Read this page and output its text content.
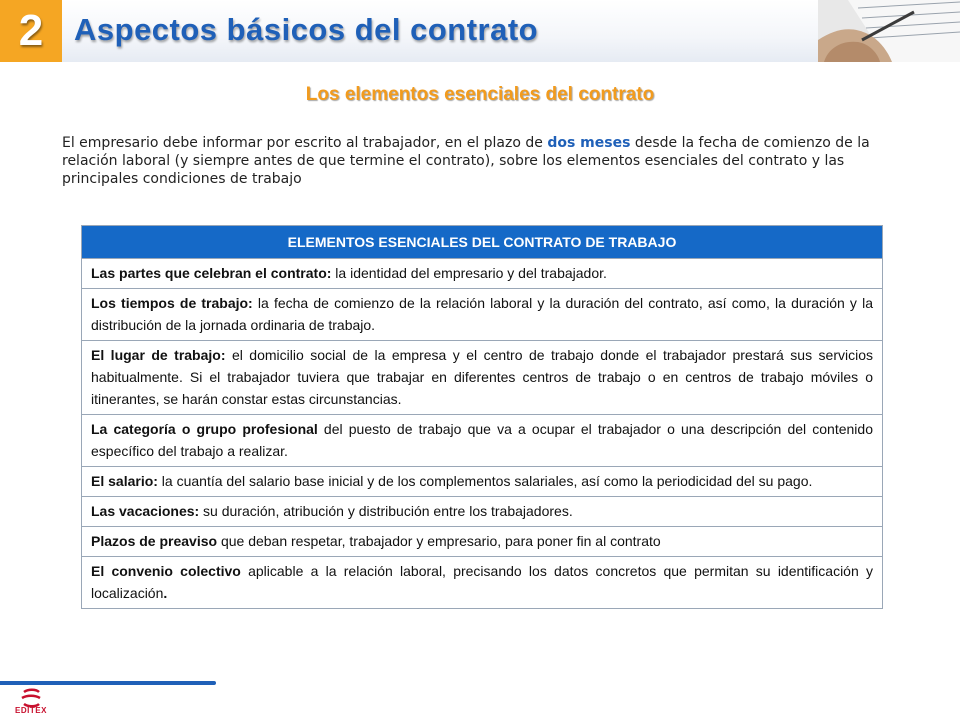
2 Aspectos básicos del contrato
Los elementos esenciales del contrato

El empresario debe informar por escrito al trabajador, en el plazo de dos meses desde la fecha de comienzo de la relación laboral (y siempre antes de que termine el contrato), sobre los elementos esenciales del contrato y las principales condiciones de trabajo

ELEMENTOS ESENCIALES DEL CONTRATO DE TRABAJO
Las partes que celebran el contrato: la identidad del empresario y del trabajador.
Los tiempos de trabajo: la fecha de comienzo de la relación laboral y la duración del contrato, así como, la duración y la distribución de la jornada ordinaria de trabajo.
El lugar de trabajo: el domicilio social de la empresa y el centro de trabajo donde el trabajador prestará sus servicios habitualmente. Si el trabajador tuviera que trabajar en diferentes centros de trabajo o en centros de trabajo móviles o itinerantes, se harán constar estas circunstancias.
La categoría o grupo profesional del puesto de trabajo que va a ocupar el trabajador o una descripción del contenido específico del trabajo a realizar.
El salario: la cuantía del salario base inicial y de los complementos salariales, así como la periodicidad del su pago.
Las vacaciones: su duración, atribución y distribución entre los trabajadores.
Plazos de preaviso que deban respetar, trabajador y empresario, para poner fin al contrato
El convenio colectivo aplicable a la relación laboral, precisando los datos concretos que permitan su identificación y localización.
EDITEX
